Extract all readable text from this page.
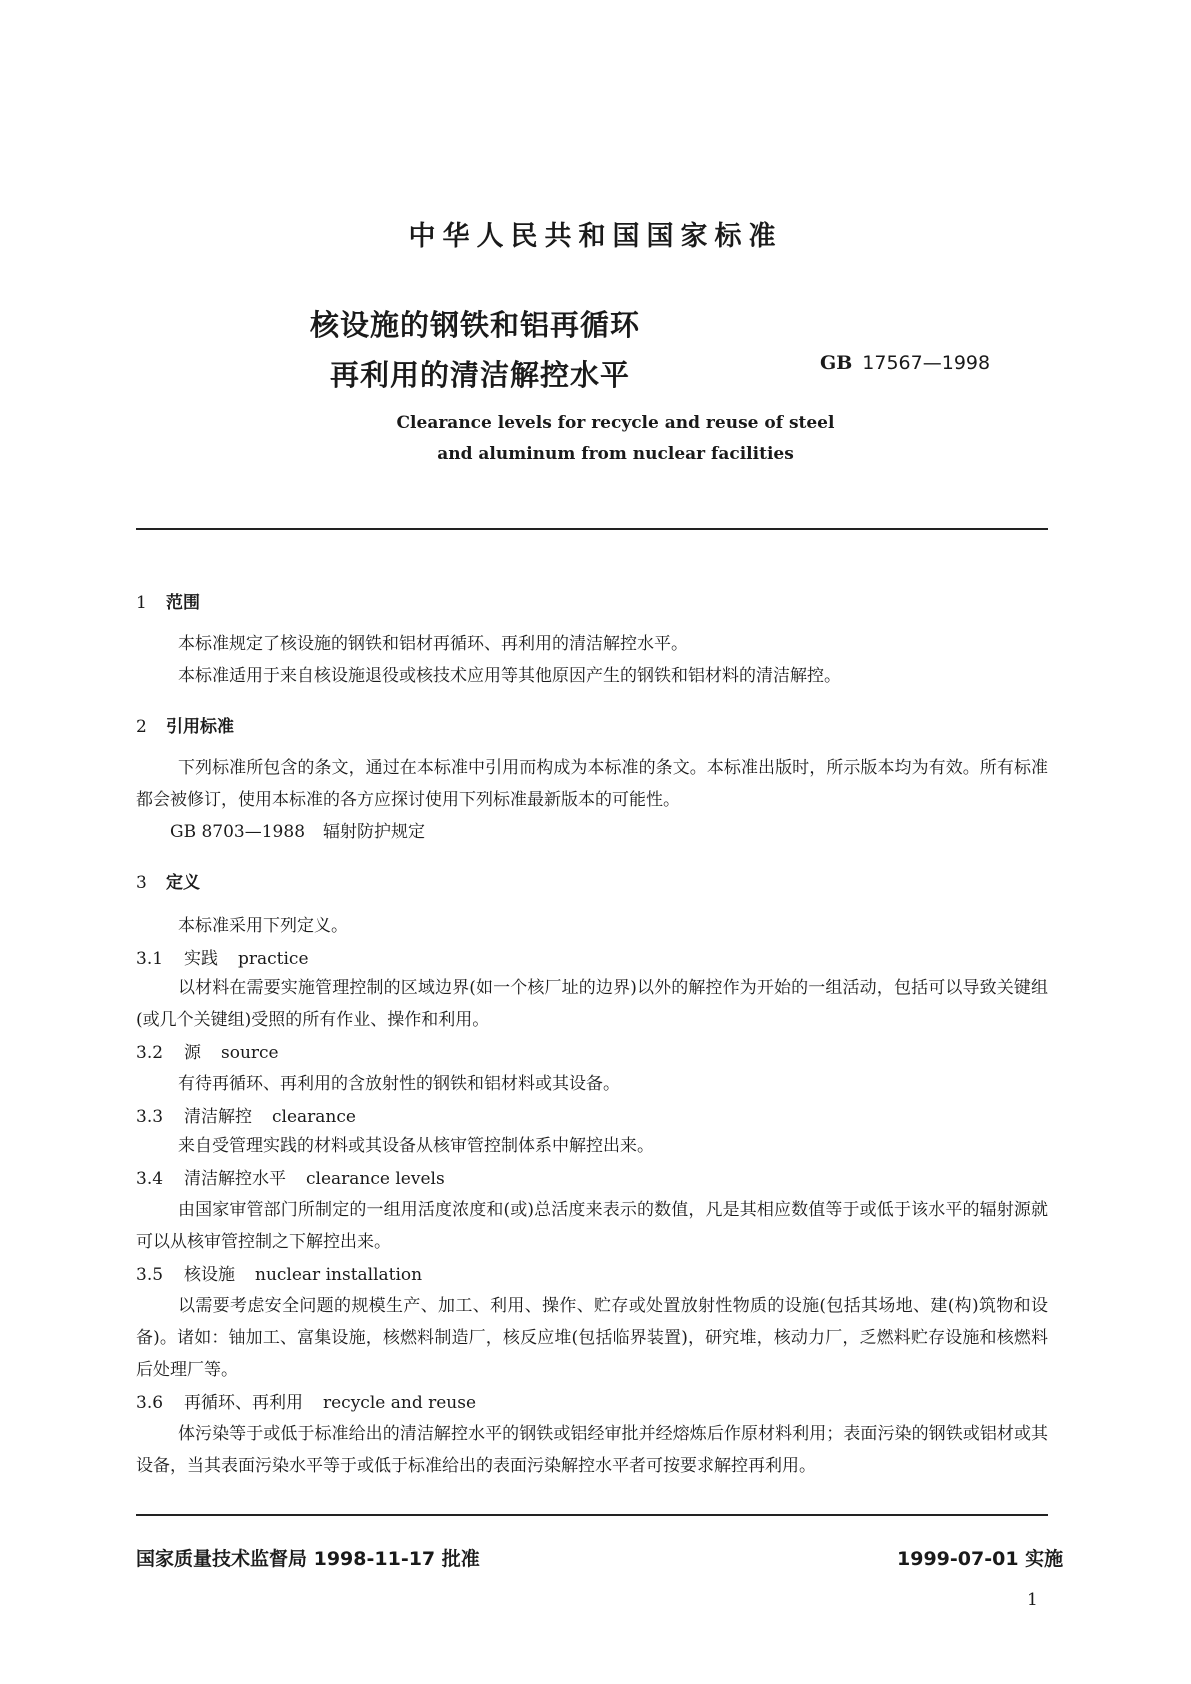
中华人民共和国国家标准
核设施的钢铁和铝再循环
再利用的清洁解控水平	GB 17567—1998
Clearance levels for recycle and reuse of steel
and aluminum from nuclear facilities
1 范围
本标准规定了核设施的钢铁和铝材再循环、再利用的清洁解控水平。
本标准适用于来自核设施退役或核技术应用等其他原因产生的钢铁和铝材料的清洁解控。
2 引用标准
下列标准所包含的条文，通过在本标准中引用而构成为本标准的条文。本标准出版时，所示版本均为有效。所有标准都会被修订，使用本标准的各方应探讨使用下列标准最新版本的可能性。
GB 8703—1988 辐射防护规定
3 定义
本标准采用下列定义。
3.1 实践 practice
以材料在需要实施管理控制的区域边界(如一个核厂址的边界)以外的解控作为开始的一组活动，包括可以导致关键组(或几个关键组)受照的所有作业、操作和利用。
3.2 源 source
有待再循环、再利用的含放射性的钢铁和铝材料或其设备。
3.3 清洁解控 clearance
来自受管理实践的材料或其设备从核审管控制体系中解控出来。
3.4 清洁解控水平 clearance levels
由国家审管部门所制定的一组用活度浓度和(或)总活度来表示的数值，凡是其相应数值等于或低于该水平的辐射源就可以从核审管控制之下解控出来。
3.5 核设施 nuclear installation
以需要考虑安全问题的规模生产、加工、利用、操作、贮存或处置放射性物质的设施(包括其场地、建(构)筑物和设备)。诸如：铀加工、富集设施，核燃料制造厂，核反应堆(包括临界装置)，研究堆，核动力厂，乏燃料贮存设施和核燃料后处理厂等。
3.6 再循环、再利用 recycle and reuse
体污染等于或低于标准给出的清洁解控水平的钢铁或铝经审批并经熔炼后作原材料利用；表面污染的钢铁或铝材或其设备，当其表面污染水平等于或低于标准给出的表面污染解控水平者可按要求解控再利用。
国家质量技术监督局 1998-11-17 批准	1999-07-01 实施
1
